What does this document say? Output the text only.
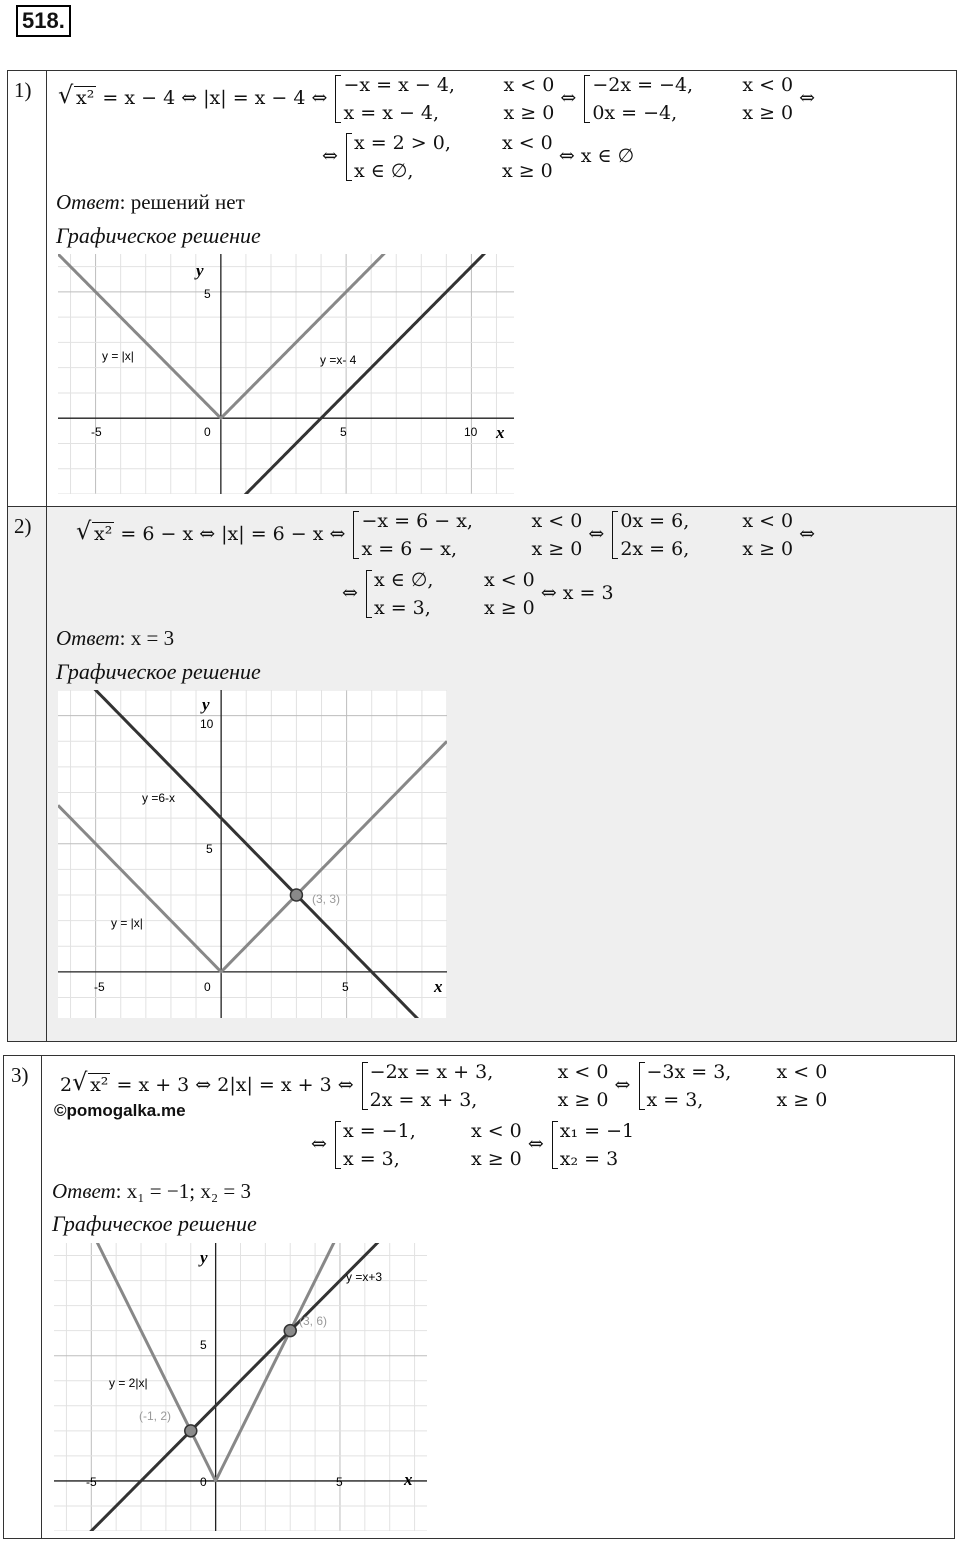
518.
1)	√ x² = x − 4 ⇔ |x| = x − 4 ⇔
−x = x − 4,	x < 0
x = x − 4,	x ≥ 0
⇔
−2x = −4,	x < 0
0x = −4,	x ≥ 0
⇔
⇔
x = 2 > 0,	x < 0
x ∈ ∅,	x ≥ 0
⇔ x ∈ ∅
Ответ: решений нет
Графическое решение
-5	0	5	10
5
x
y
y = |x|	y =x- 4
2)	√ x² = 6 − x ⇔ |x| = 6 − x ⇔
−x = 6 − x,	x < 0
x = 6 − x,	x ≥ 0
⇔
0x = 6,	x < 0
2x = 6,	x ≥ 0
⇔
⇔
x ∈ ∅,	x < 0
x = 3,	x ≥ 0
⇔ x = 3
Ответ: x = 3
Графическое решение
-5	0	5
5
10
x
y
y =6-x
y = |x|
(3, 3)
3) 2 √ x² = x + 3 ⇔ 2|x| = x + 3 ⇔
−2x = x + 3,	x < 0
2x = x + 3,	x ≥ 0
⇔
−3x = 3,	x < 0
x = 3,	x ≥ 0
©pomogalka.me
⇔
x = −1,	x < 0
x = 3,	x ≥ 0
⇔
x₁ = −1
x₂ = 3
Ответ: x₁ = −1; x₂ = 3
Графическое решение
-5	0	5
5
x
y
y =x+3
y = 2|x|
(3, 6)
(-1, 2)
